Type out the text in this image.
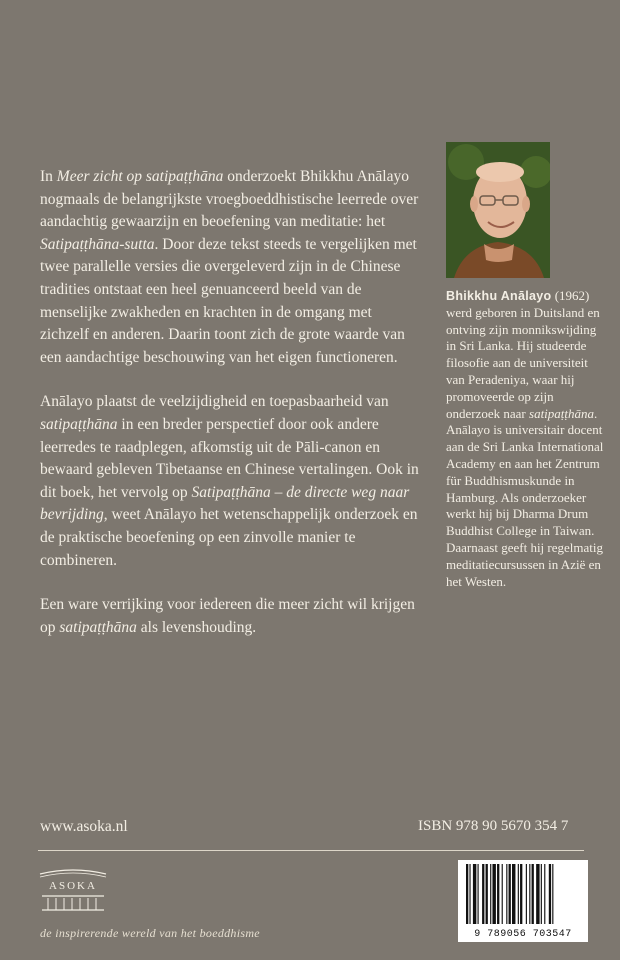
In Meer zicht op satipaṭṭhāna onderzoekt Bhikkhu Anālayo nogmaals de belangrijkste vroegboeddhistische leerrede over aandachtig gewaarzijn en beoefening van meditatie: het Satipaṭṭhāna-sutta. Door deze tekst steeds te vergelijken met twee parallelle versies die overgeleverd zijn in de Chinese tradities ontstaat een heel genuanceerd beeld van de menselijke zwakheden en krachten in de omgang met zichzelf en anderen. Daarin toont zich de grote waarde van een aandachtige beschouwing van het eigen functioneren.

Anālayo plaatst de veelzijdigheid en toepasbaarheid van satipaṭṭhāna in een breder perspectief door ook andere leerredes te raadplegen, afkomstig uit de Pāli-canon en bewaard gebleven Tibetaanse en Chinese vertalingen. Ook in dit boek, het vervolg op Satipaṭṭhāna – de directe weg naar bevrijding, weet Anālayo het wetenschappelijk onderzoek en de praktische beoefening op een zinvolle manier te combineren.

Een ware verrijking voor iedereen die meer zicht wil krijgen op satipaṭṭhāna als levenshouding.

Bhikkhu Anālayo (1962) werd geboren in Duitsland en ontving zijn monnikswijding in Sri Lanka. Hij studeerde filosofie aan de universiteit van Peradeniya, waar hij promoveerde op zijn onderzoek naar satipaṭṭhāna. Anālayo is universitair docent aan de Sri Lanka International Academy en aan het Zentrum für Buddhismuskunde in Hamburg. Als onderzoeker werkt hij bij Dharma Drum Buddhist College in Taiwan. Daarnaast geeft hij regelmatig meditatiecursussen in Azië en het Westen.
www.asoka.nl	ISBN 978 90 5670 354 7
ASOKA
de inspirerende wereld van het boeddhisme	9 789056 703547
